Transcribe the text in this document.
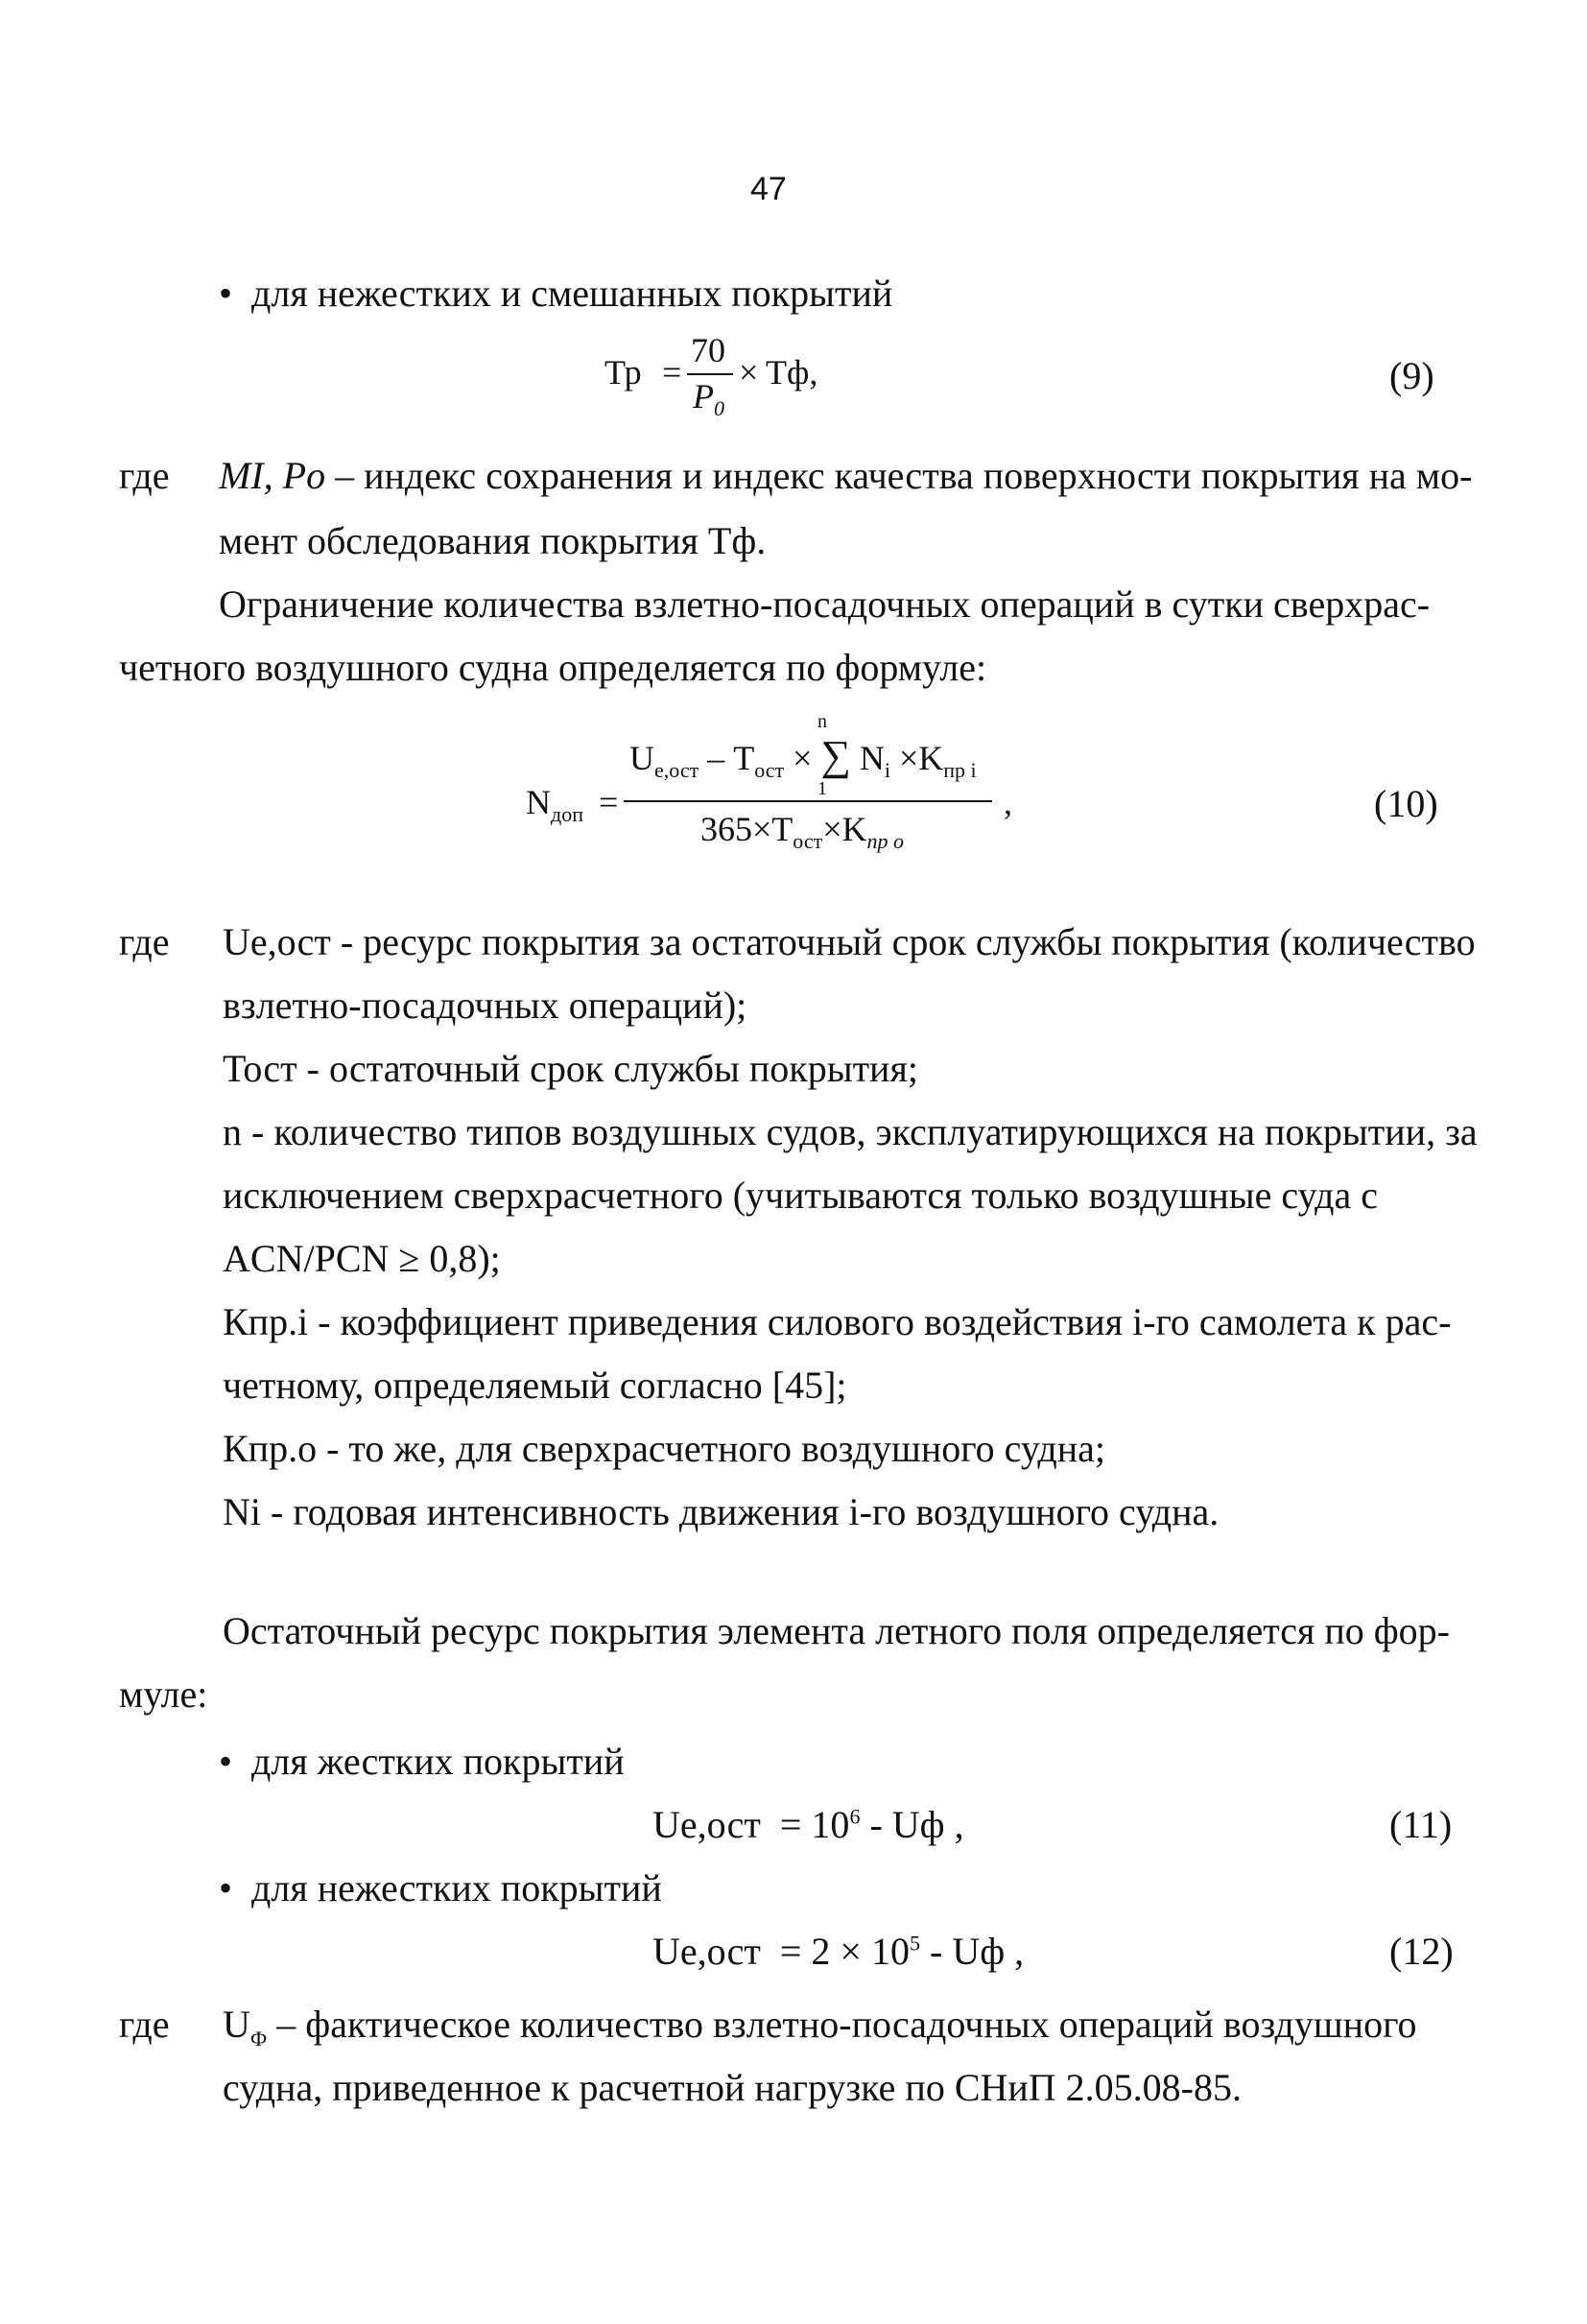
47
• для нежестких и смешанных покрытий
Тр =
70
$P_0$
× Тф,	(9)
где MI, Po – индекс сохранения и индекс качества поверхности покрытия на мо-
мент обследования покрытия Тф.
Ограничение количества взлетно-посадочных операций в сутки сверхрас-
четного воздушного судна определяется по формуле:
$N_{доп}$ =
$U_{е,ост} - T_{ост}$ × ∑ $N_i \times K_{пр i}$
n
1
$365\times T_{ост}\times K_{пр о}$
,	(10)
где Ue,ост - ресурс покрытия за остаточный срок службы покрытия (количество
взлетно-посадочных операций);
Тост - остаточный срок службы покрытия;
n - количество типов воздушных судов, эксплуатирующихся на покрытии, за
исключением сверхрасчетного (учитываются только воздушные суда с
ACN/PCN ≥ 0,8);
Кпр.i - коэффициент приведения силового воздействия i-го самолета к рас-
четному, определяемый согласно [45];
Кпр.о - то же, для сверхрасчетного воздушного судна;
Ni - годовая интенсивность движения i-го воздушного судна.
Остаточный ресурс покрытия элемента летного поля определяется по фор-
муле:
• для жестких покрытий
$Ue,ост = 10^6$ - Uф ,	(11)
• для нежестких покрытий
$Ue,ост = 2 \times 10^5$ - Uф ,	(12)
где $U_Ф$ – фактическое количество взлетно-посадочных операций воздушного
судна, приведенное к расчетной нагрузке по СНиП 2.05.08-85.
